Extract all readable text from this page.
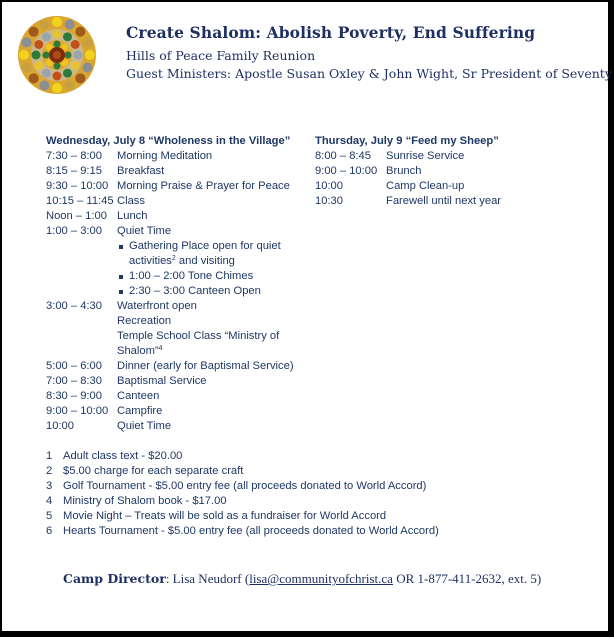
Create Shalom: Abolish Poverty, End Suffering
Hills of Peace Family Reunion
Guest Ministers: Apostle Susan Oxley & John Wight, Sr President of Seventy
Wednesday, July 8 “Wholeness in the Village”
7:30 – 8:00	Morning Meditation
8:15 – 9:15	Breakfast
9:30 – 10:00 Morning Praise & Prayer for Peace
10:15 – 11:45 Class
Noon – 1:00 Lunch
1:00 – 3:00	Quiet Time
Gathering Place open for quiet activities$^2$ and visiting
1:00 – 2:00 Tone Chimes
2:30 – 3:00 Canteen Open
3:00 – 4:30	Waterfront open
Recreation
Temple School Class “Ministry of Shalom”$^4$
5:00 – 6:00	Dinner (early for Baptismal Service)
7:00 – 8:30	Baptismal Service
8:30 – 9:00	Canteen
9:00 – 10:00 Campfire
10:00	Quiet Time
Thursday, July 9 “Feed my Sheep”
8:00 – 8:45	Sunrise Service
9:00 – 10:00 Brunch
10:00	Camp Clean-up
10:30	Farewell until next year
1 Adult class text - $20.00
2 $5.00 charge for each separate craft
3 Golf Tournament - $5.00 entry fee (all proceeds donated to World Accord)
4 Ministry of Shalom book - $17.00
5 Movie Night – Treats will be sold as a fundraiser for World Accord
6 Hearts Tournament - $5.00 entry fee (all proceeds donated to World Accord)
Camp Director: Lisa Neudorf (lisa@communityofchrist.ca OR 1-877-411-2632, ext. 5)
